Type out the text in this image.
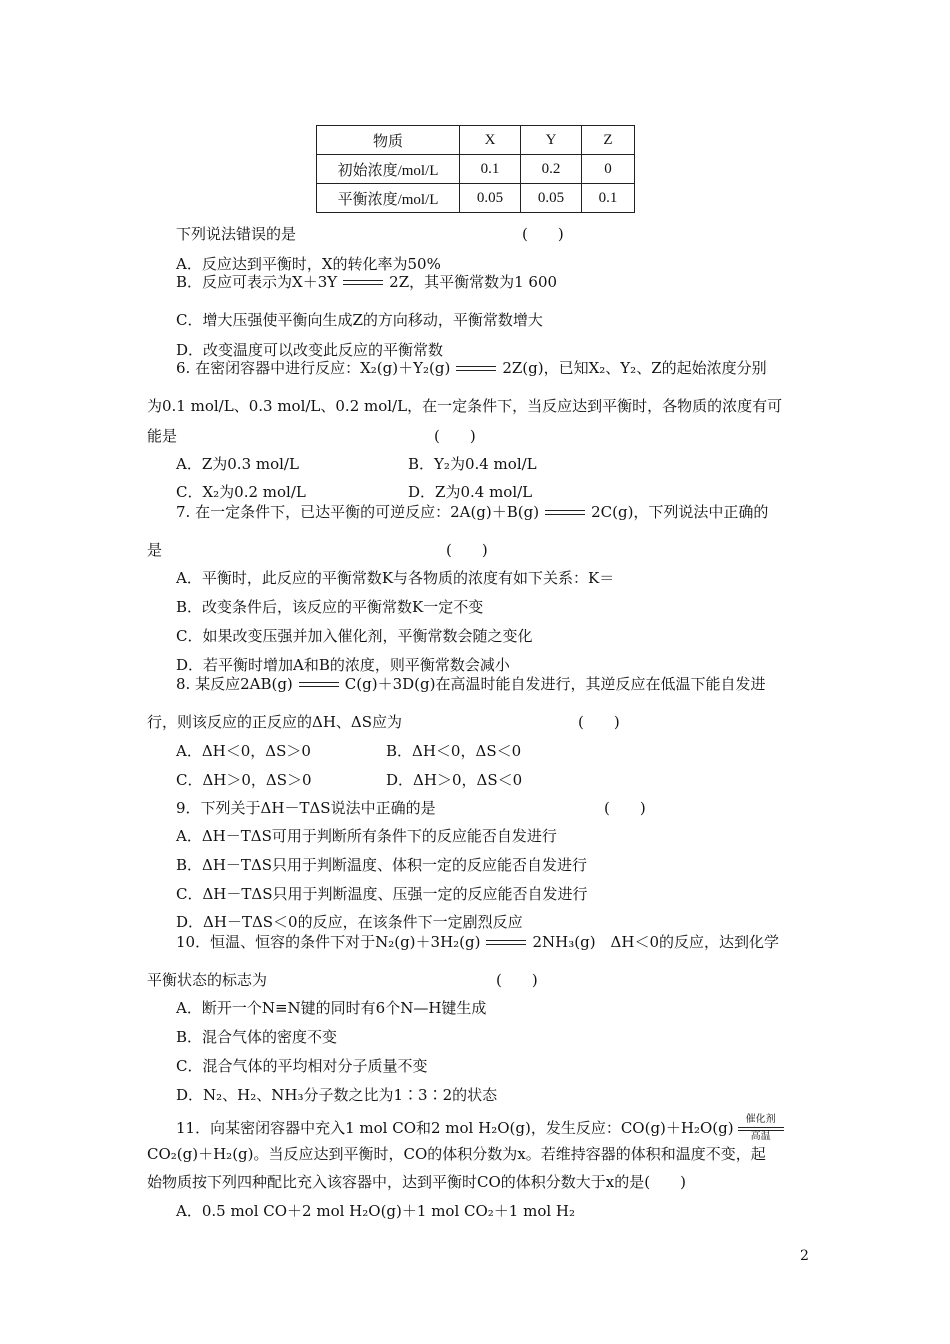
物质	X	Y	Z
初始浓度/mol/L	0.1	0.2	0
平衡浓度/mol/L	0.05	0.05	0.1
下列说法错误的是	(　　)
A．反应达到平衡时，X的转化率为50%
B．反应可表示为X＋3Y	2Z，其平衡常数为1 600
C．增大压强使平衡向生成Z的方向移动，平衡常数增大
D．改变温度可以改变此反应的平衡常数
6. 在密闭容器中进行反应：X₂(g)＋Y₂(g)	2Z(g)，已知X₂、Y₂、Z的起始浓度分别
为0.1 mol/L、0.3 mol/L、0.2 mol/L，在一定条件下，当反应达到平衡时，各物质的浓度有可
能是	(　　)
A．Z为0.3 mol/L	B．Y₂为0.4 mol/L
C．X₂为0.2 mol/L	D．Z为0.4 mol/L
7. 在一定条件下，已达平衡的可逆反应：2A(g)＋B(g)	2C(g)，下列说法中正确的
是	(　　)
A．平衡时，此反应的平衡常数K与各物质的浓度有如下关系：K＝
B．改变条件后，该反应的平衡常数K一定不变
C．如果改变压强并加入催化剂，平衡常数会随之变化
D．若平衡时增加A和B的浓度，则平衡常数会减小
8. 某反应2AB(g)	C(g)＋3D(g)在高温时能自发进行，其逆反应在低温下能自发进
行，则该反应的正反应的ΔH、ΔS应为	(　　)
A．ΔH＜0，ΔS＞0	B．ΔH＜0，ΔS＜0
C．ΔH＞0，ΔS＞0	D．ΔH＞0，ΔS＜0
9．下列关于ΔH－TΔS说法中正确的是	(　　)
A．ΔH－TΔS可用于判断所有条件下的反应能否自发进行
B．ΔH－TΔS只用于判断温度、体积一定的反应能否自发进行
C．ΔH－TΔS只用于判断温度、压强一定的反应能否自发进行
D．ΔH－TΔS＜0的反应，在该条件下一定剧烈反应
10．恒温、恒容的条件下对于N₂(g)＋3H₂(g)	2NH₃(g)　ΔH＜0的反应，达到化学
平衡状态的标志为	(　　)
A．断开一个N≡N键的同时有6个N—H键生成
B．混合气体的密度不变
C．混合气体的平均相对分子质量不变
D．N₂、H₂、NH₃分子数之比为1∶3∶2的状态
11．向某密闭容器中充入1 mol CO和2 mol H₂O(g)，发生反应：CO(g)＋H₂O(g)	催化剂
高温
CO₂(g)＋H₂(g)。当反应达到平衡时，CO的体积分数为x。若维持容器的体积和温度不变，起
始物质按下列四种配比充入该容器中，达到平衡时CO的体积分数大于x的是(　　)
A．0.5 mol CO＋2 mol H₂O(g)＋1 mol CO₂＋1 mol H₂
2
